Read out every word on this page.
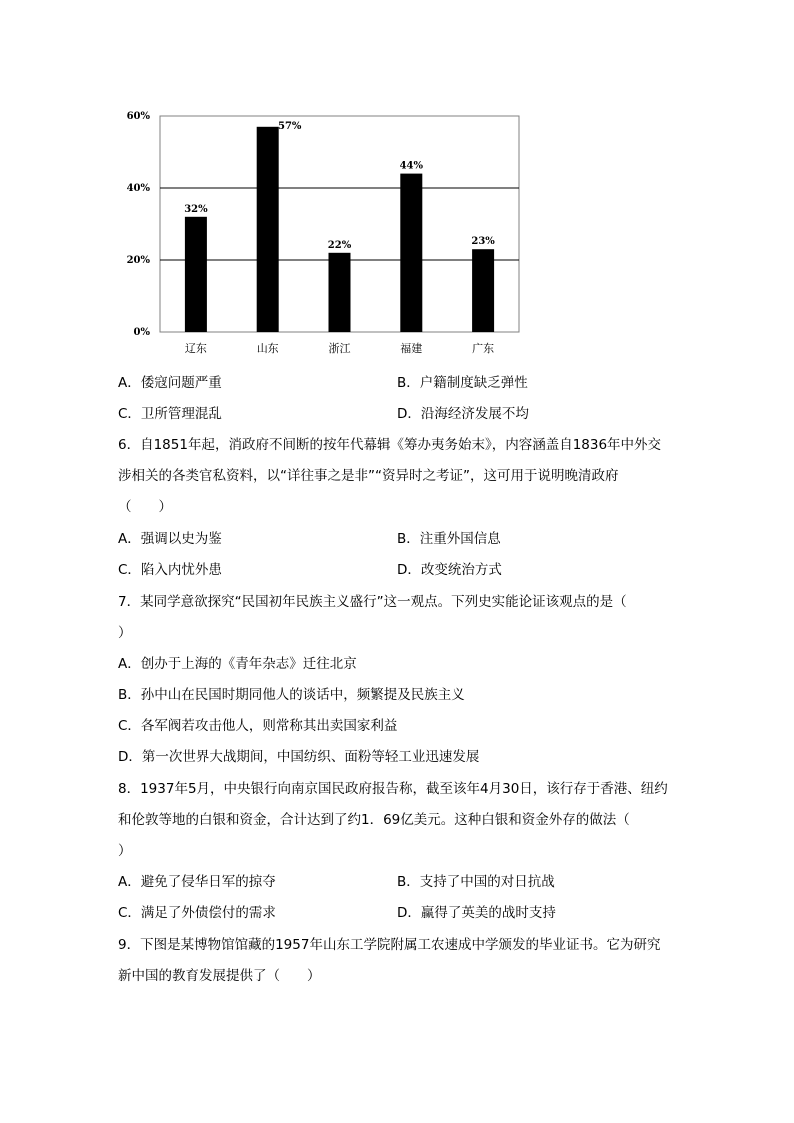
0%
20%
40%
60%
32%
57%
22%
44%
23%
辽东	山东	浙江	福建	广东
A．倭寇问题严重	B．户籍制度缺乏弹性
C．卫所管理混乱	D．沿海经济发展不均
6．自1851年起，消政府不间断的按年代幕辑《筹办夷务始末》，内容涵盖自1836年中外交
涉相关的各类官私资料，以“详往事之是非”“资异时之考证”，这可用于说明晚清政府
（　　）
A．强调以史为鉴	B．注重外国信息
C．陷入内忧外患	D．改变统治方式
7．某同学意欲探究“民国初年民族主义盛行”这一观点。下列史实能论证该观点的是（
）
A．创办于上海的《青年杂志》迁往北京
B．孙中山在民国时期同他人的谈话中，频繁提及民族主义
C．各军阀若攻击他人，则常称其出卖国家利益
D．第一次世界大战期间，中国纺织、面粉等轻工业迅速发展
8．1937年5月，中央银行向南京国民政府报告称，截至该年4月30日，该行存于香港、纽约
和伦敦等地的白银和资金，合计达到了约1．69亿美元。这种白银和资金外存的做法（
）
A．避免了侵华日军的掠夺	B．支持了中国的对日抗战
C．满足了外债偿付的需求	D．赢得了英美的战时支持
9．下图是某博物馆馆藏的1957年山东工学院附属工农速成中学颁发的毕业证书。它为研究
新中国的教育发展提供了（　　）
